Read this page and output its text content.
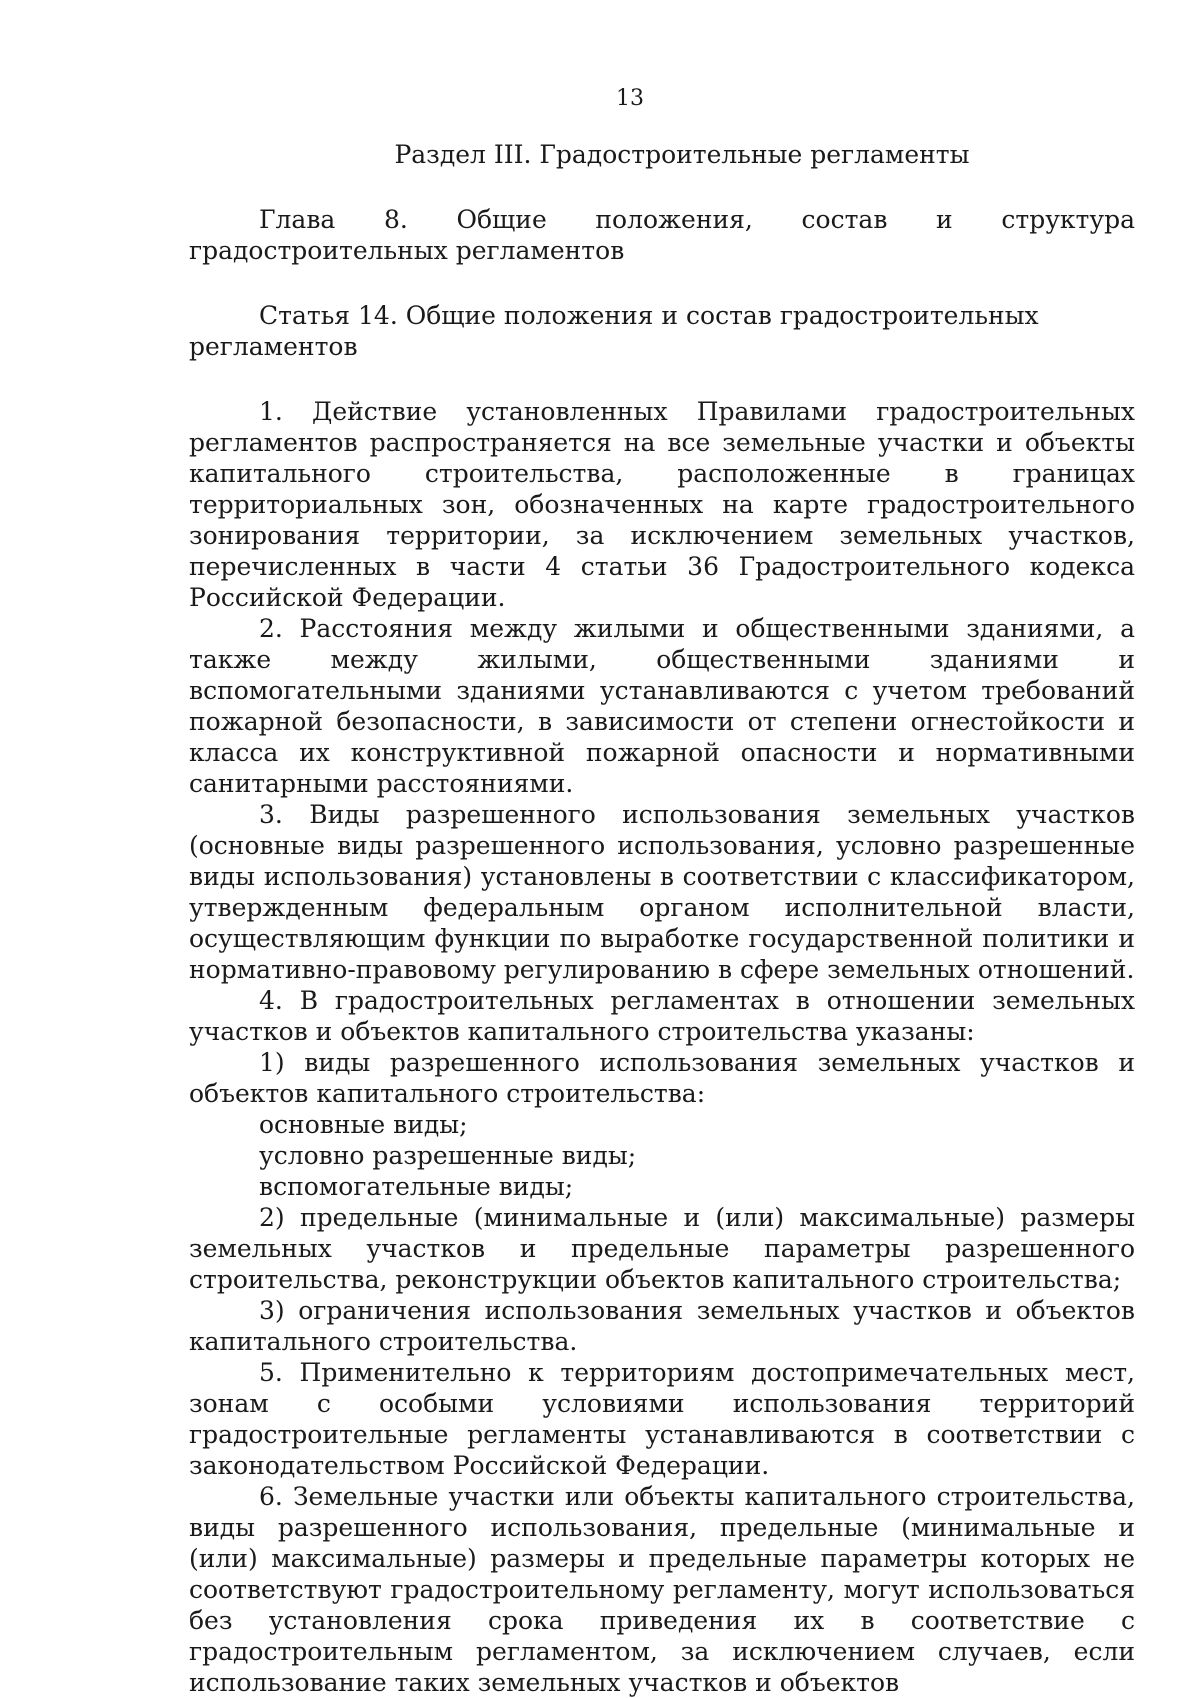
13

Раздел III. Градостроительные регламенты
Глава 8. Общие положения, состав и структура градостроительных регламентов
Статья 14. Общие положения и состав градостроительных регламентов

1. Действие установленных Правилами градостроительных регламентов распространяется на все земельные участки и объекты капитального строительства, расположенные в границах территориальных зон, обозначенных на карте градостроительного зонирования территории, за исключением земельных участков, перечисленных в части 4 статьи 36 Градостроительного кодекса Российской Федерации.

2. Расстояния между жилыми и общественными зданиями, а также между жилыми, общественными зданиями и вспомогательными зданиями устанавливаются с учетом требований пожарной безопасности, в зависимости от степени огнестойкости и класса их конструктивной пожарной опасности и нормативными санитарными расстояниями.

3. Виды разрешенного использования земельных участков (основные виды разрешенного использования, условно разрешенные виды использования) установлены в соответствии с классификатором, утвержденным федеральным органом исполнительной власти, осуществляющим функции по выработке государственной политики и нормативно-правовому регулированию в сфере земельных отношений.

4. В градостроительных регламентах в отношении земельных участков и объектов капитального строительства указаны:

1) виды разрешенного использования земельных участков и объектов капитального строительства:

основные виды;

условно разрешенные виды;

вспомогательные виды;

2) предельные (минимальные и (или) максимальные) размеры земельных участков и предельные параметры разрешенного строительства, реконструкции объектов капитального строительства;

3) ограничения использования земельных участков и объектов капитального строительства.

5. Применительно к территориям достопримечательных мест, зонам с особыми условиями использования территорий градостроительные регламенты устанавливаются в соответствии с законодательством Российской Федерации.

6. Земельные участки или объекты капитального строительства, виды разрешенного использования, предельные (минимальные и (или) максимальные) размеры и предельные параметры которых не соответствуют градостроительному регламенту, могут использоваться без установления срока приведения их в соответствие с градостроительным регламентом, за исключением случаев, если использование таких земельных участков и объектов
